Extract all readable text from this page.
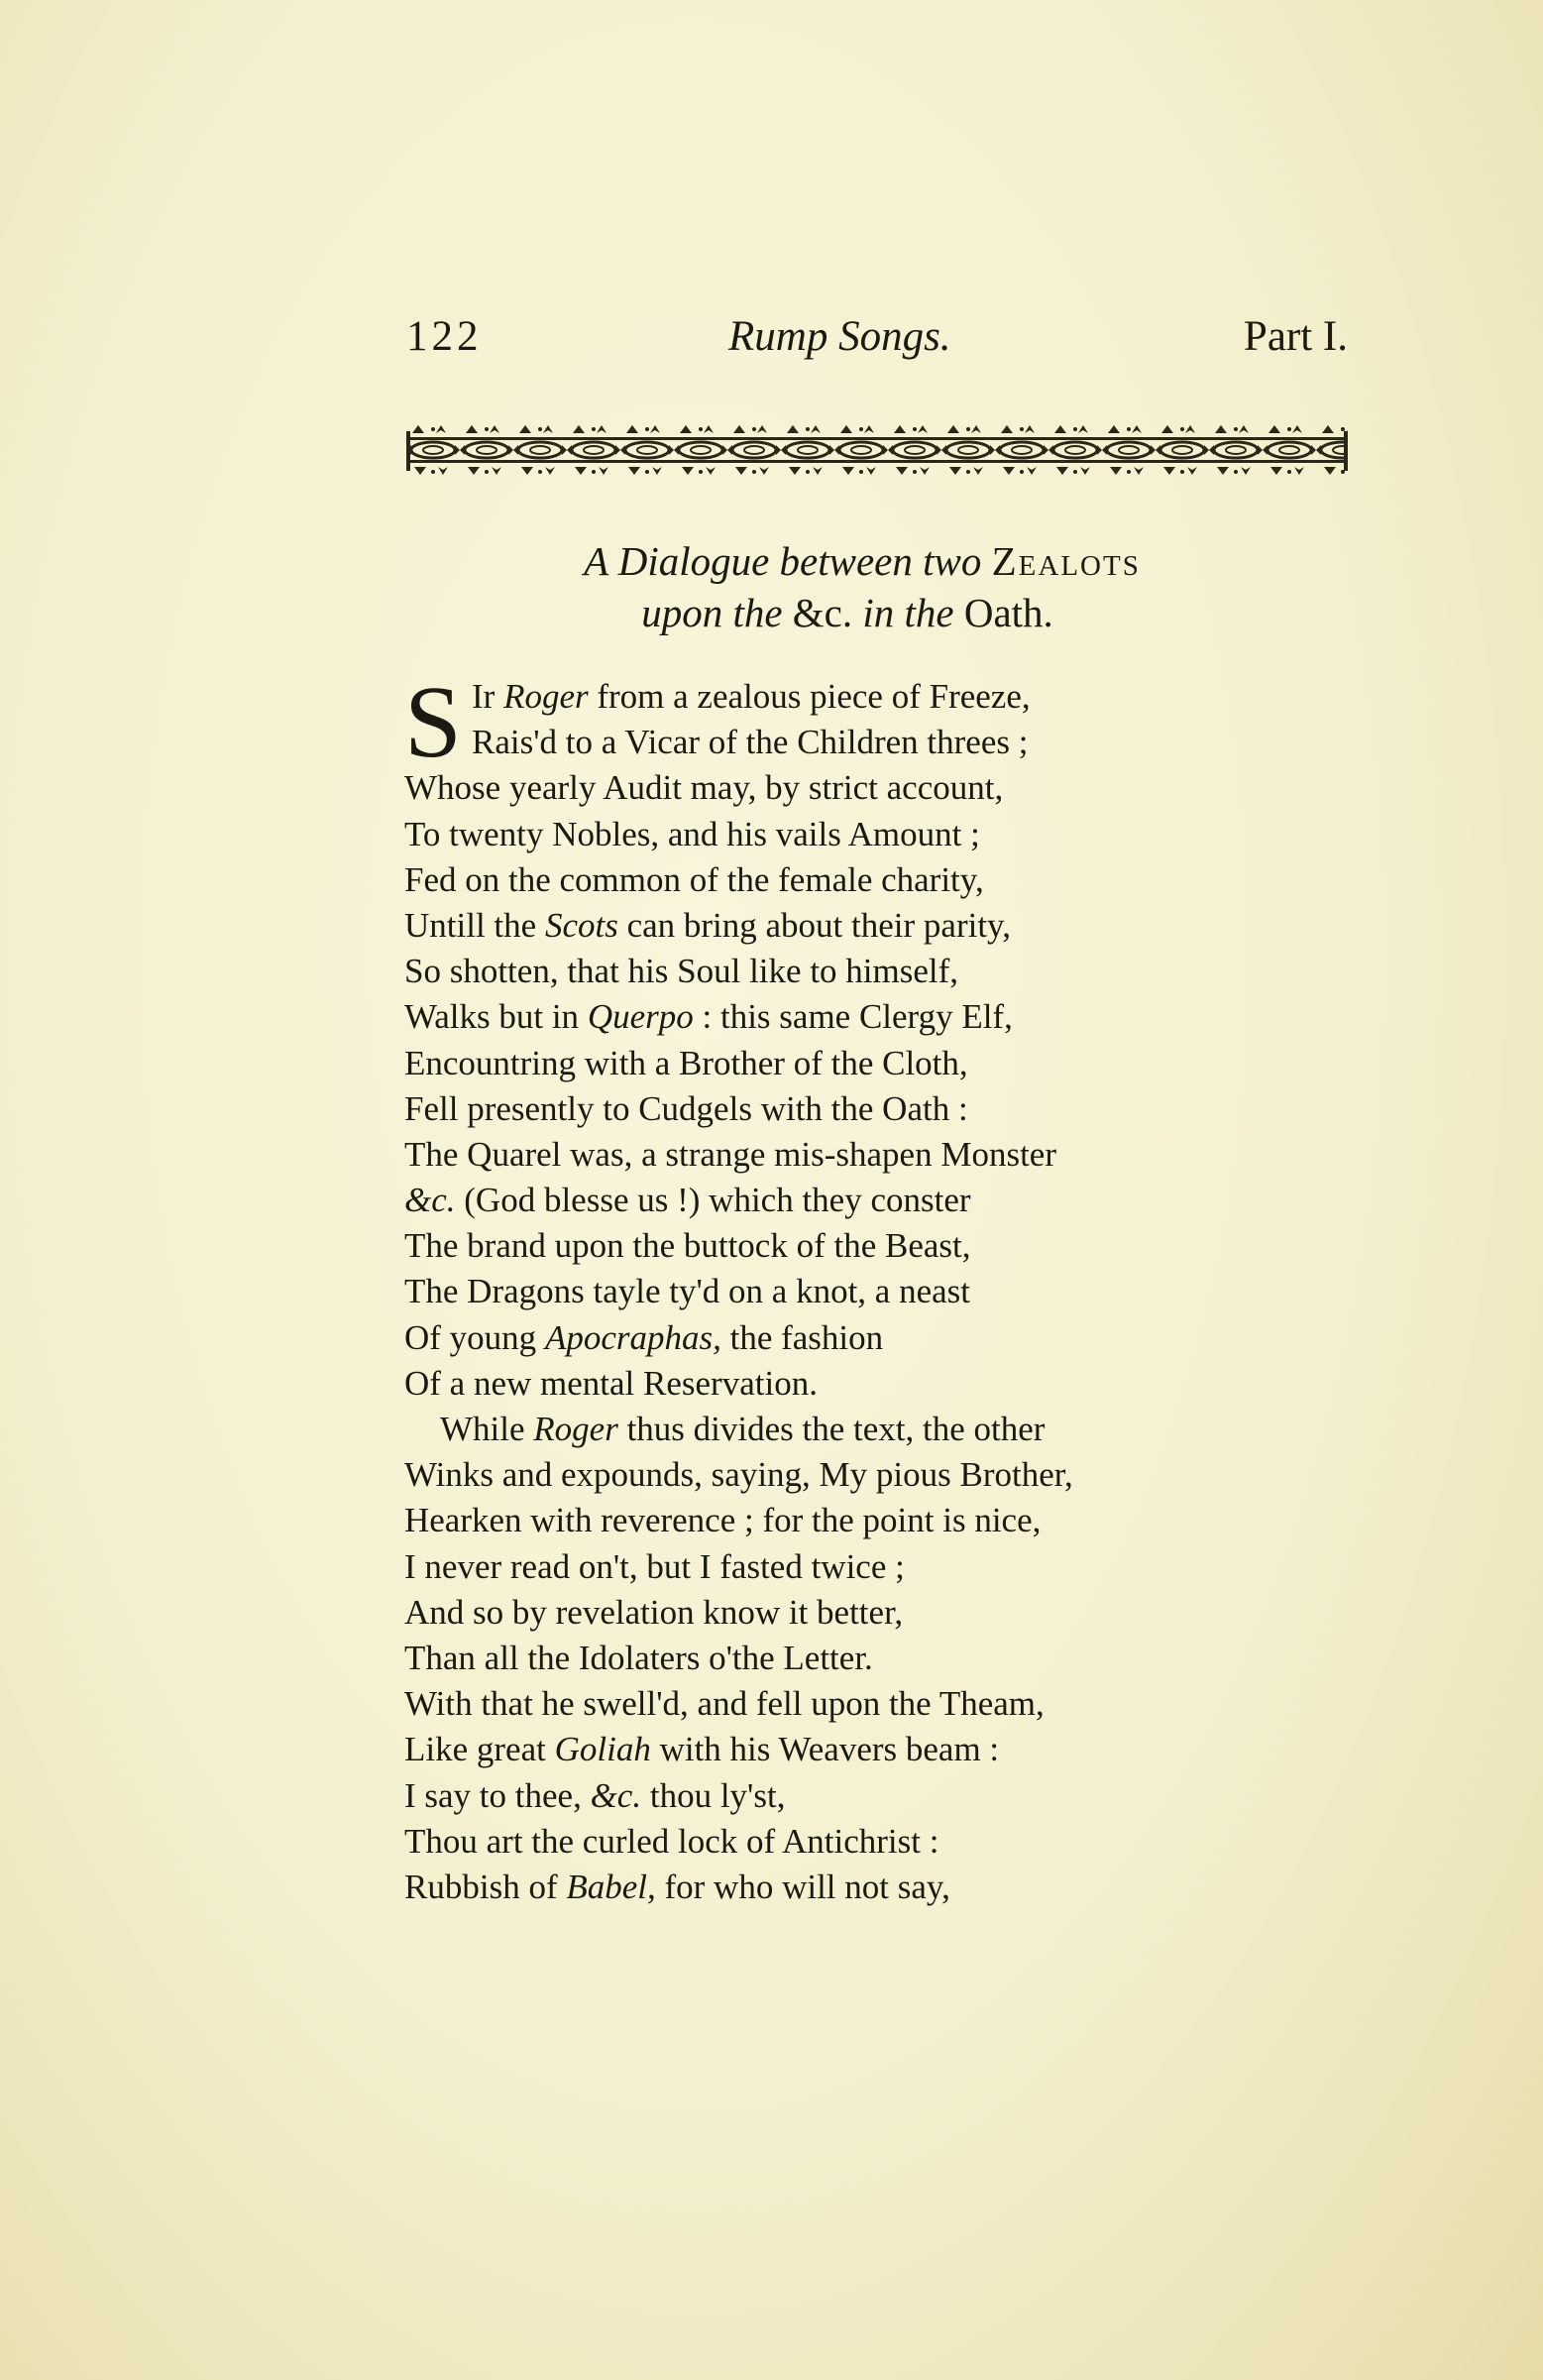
122	Rump Songs.	Part I.
A Dialogue between two Zealots
upon the &c. in the Oath.
S Ir Roger from a zealous piece of Freeze,
Rais'd to a Vicar of the Children threes ;
Whose yearly Audit may, by strict account,
To twenty Nobles, and his vails Amount ;
Fed on the common of the female charity,
Untill the Scots can bring about their parity,
So shotten, that his Soul like to himself,
Walks but in Querpo : this same Clergy Elf,
Encountring with a Brother of the Cloth,
Fell presently to Cudgels with the Oath :
The Quarel was, a strange mis-shapen Monster
&c. (God blesse us !) which they conster
The brand upon the buttock of the Beast,
The Dragons tayle ty'd on a knot, a neast
Of young Apocraphas, the fashion
Of a new mental Reservation.
While Roger thus divides the text, the other
Winks and expounds, saying, My pious Brother,
Hearken with reverence ; for the point is nice,
I never read on't, but I fasted twice ;
And so by revelation know it better,
Than all the Idolaters o'the Letter.
With that he swell'd, and fell upon the Theam,
Like great Goliah with his Weavers beam :
I say to thee, &c. thou ly'st,
Thou art the curled lock of Antichrist :
Rubbish of Babel, for who will not say,
